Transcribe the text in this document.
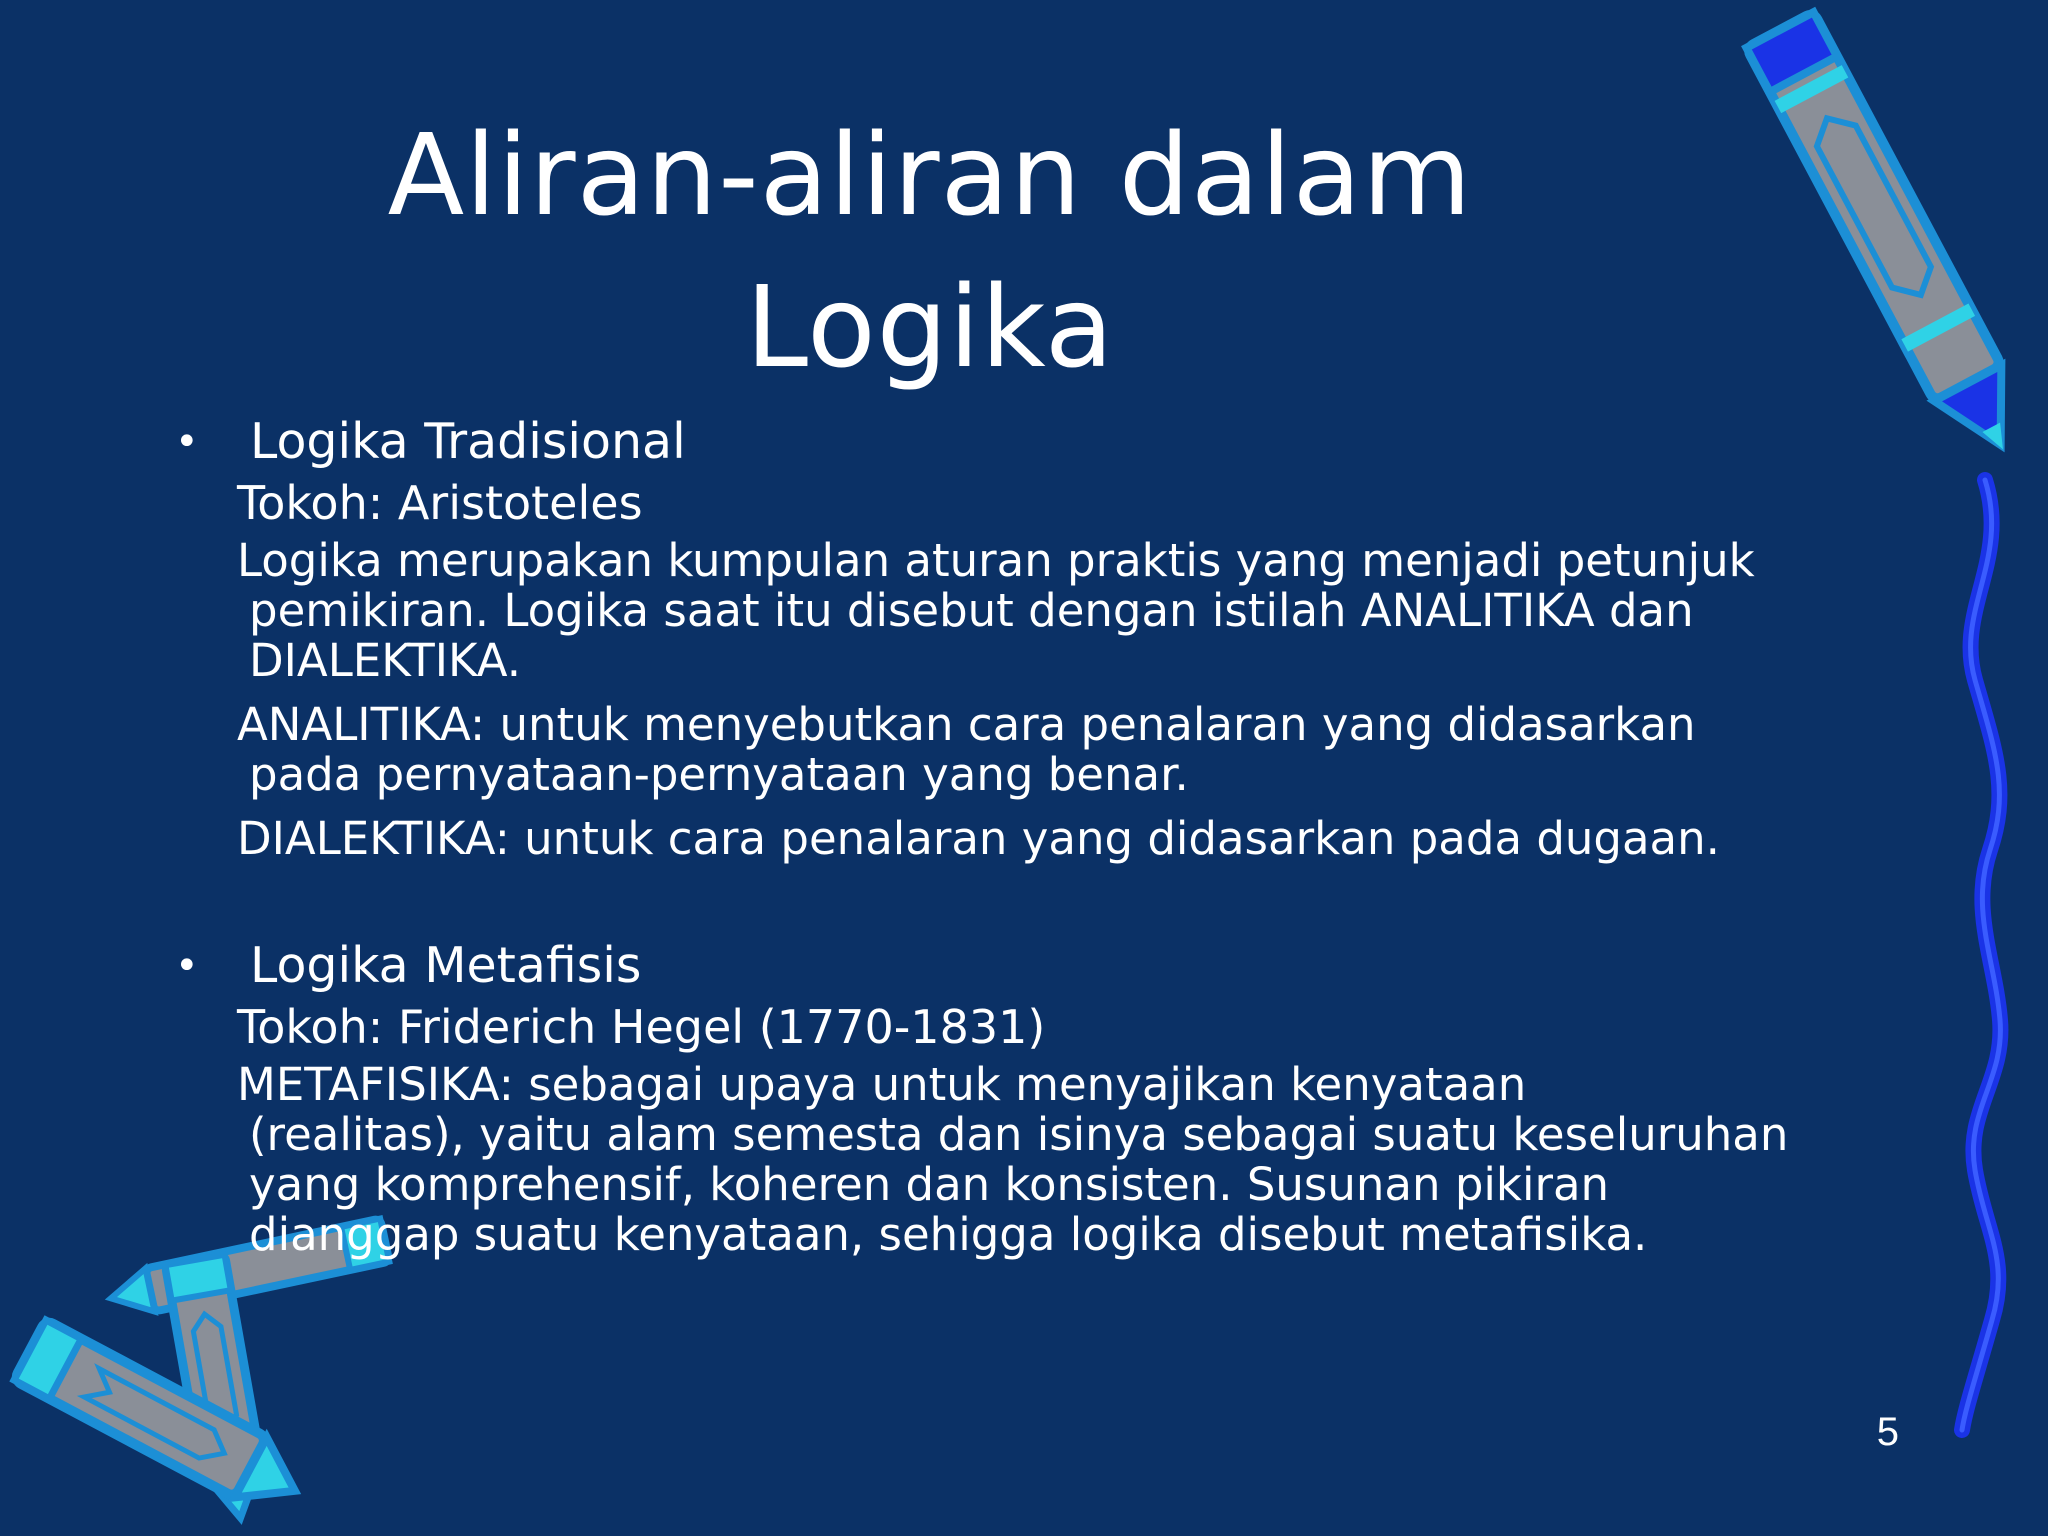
Aliran-aliran dalam
Logika
• Logika Tradisional
Tokoh: Aristoteles
Logika merupakan kumpulan aturan praktis yang menjadi petunjuk
pemikiran. Logika saat itu disebut dengan istilah ANALITIKA dan
DIALEKTIKA.
ANALITIKA: untuk menyebutkan cara penalaran yang didasarkan
pada pernyataan-pernyataan yang benar.
DIALEKTIKA: untuk cara penalaran yang didasarkan pada dugaan.
• Logika Metafisis
Tokoh: Friderich Hegel (1770-1831)
METAFISIKA: sebagai upaya untuk menyajikan kenyataan
(realitas), yaitu alam semesta dan isinya sebagai suatu keseluruhan
yang komprehensif, koheren dan konsisten. Susunan pikiran
dianggap suatu kenyataan, sehigga logika disebut metafisika.
5
